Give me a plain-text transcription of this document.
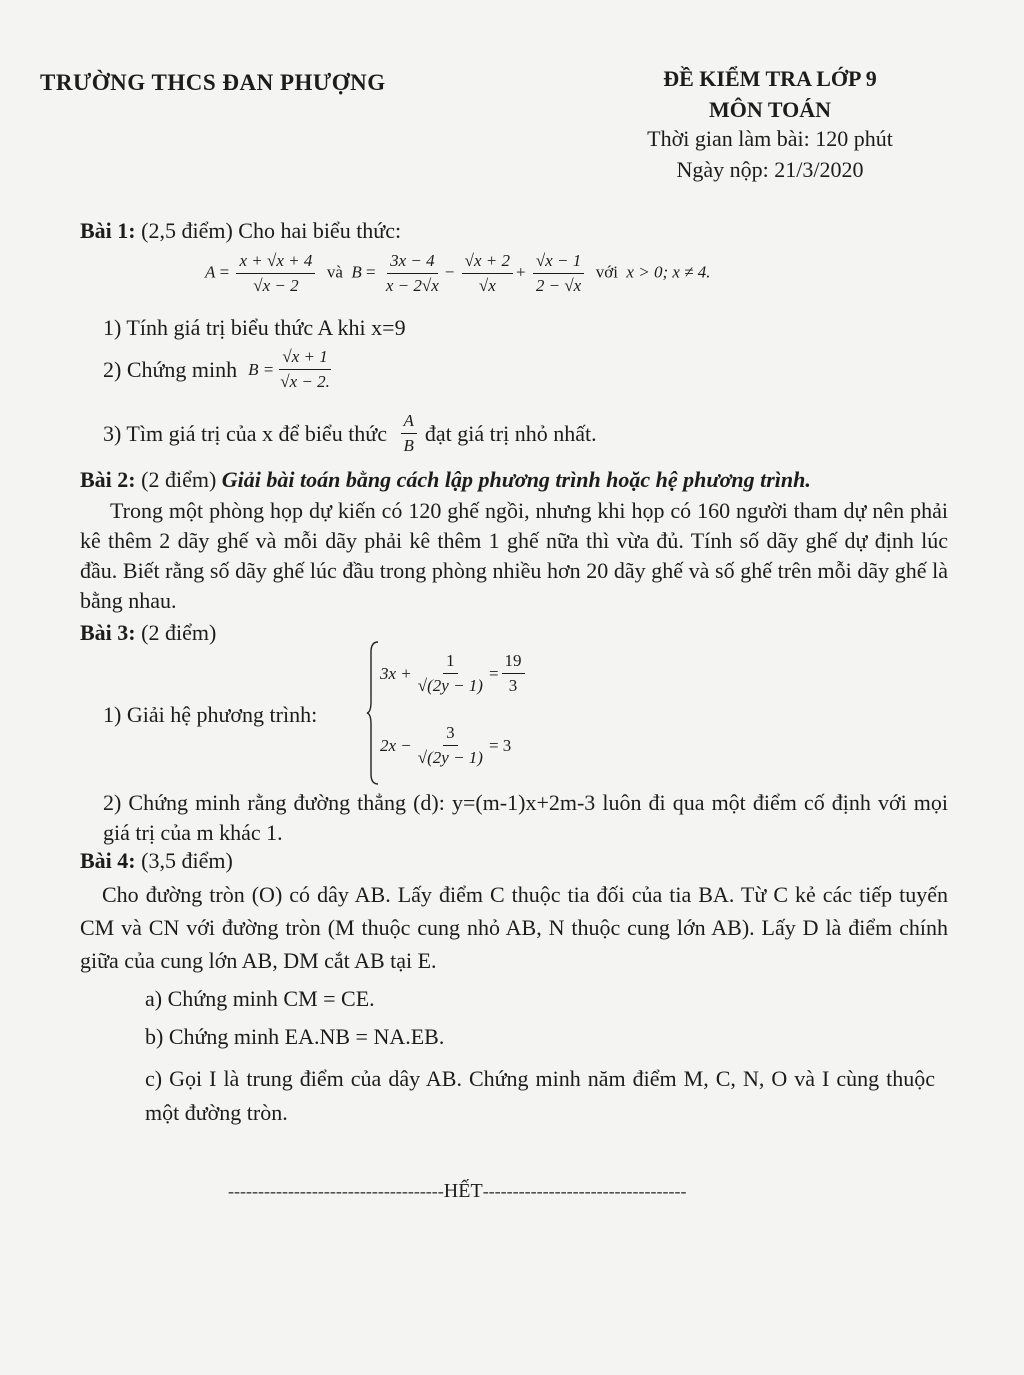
TRƯỜNG THCS ĐAN PHƯỢNG	ĐỀ KIỂM TRA LỚP 9
MÔN TOÁN
Thời gian làm bài: 120 phút
Ngày nộp: 21/3/2020
Bài 1: (2,5 điểm) Cho hai biểu thức:
$A = \frac{x + √x + 4}{√x - 2}$ và $B = \frac{3x - 4}{x - 2√x} - \frac{√x + 2}{√x} + \frac{√x - 1}{2 - √x}$ với x > 0; x ≠ 4.
1) Tính giá trị biểu thức A khi x=9
2) Chứng minh
$B = \frac{√x + 1}{√x - 2.}$
3) Tìm giá trị của x để biểu thức
$\frac{A}{B}$ đạt giá trị nhỏ nhất.
Bài 2: (2 điểm) Giải bài toán bằng cách lập phương trình hoặc hệ phương trình.
Trong một phòng họp dự kiến có 120 ghế ngồi, nhưng khi họp có 160 người tham dự nên phải kê thêm 2 dãy ghế và mỗi dãy phải kê thêm 1 ghế nữa thì vừa đủ. Tính số dãy ghế dự định lúc đầu. Biết rằng số dãy ghế lúc đầu trong phòng nhiều hơn 20 dãy ghế và số ghế trên mỗi dãy ghế là bằng nhau.
Bài 3: (2 điểm)
1) Giải hệ phương trình:
$3x + \frac{1}{√(2y - 1)} = \frac{19}{3}$
$2x - \frac{3}{√(2y - 1)} = 3$
2) Chứng minh rằng đường thẳng (d): y=(m-1)x+2m-3 luôn đi qua một điểm cố định với mọi giá trị của m khác 1.
Bài 4: (3,5 điểm)
Cho đường tròn (O) có dây AB. Lấy điểm C thuộc tia đối của tia BA. Từ C kẻ các tiếp tuyến CM và CN với đường tròn (M thuộc cung nhỏ AB, N thuộc cung lớn AB). Lấy D là điểm chính giữa của cung lớn AB, DM cắt AB tại E.
a) Chứng minh CM = CE.
b) Chứng minh EA.NB = NA.EB.
c) Gọi I là trung điểm của dây AB. Chứng minh năm điểm M, C, N, O và I cùng thuộc một đường tròn.
------------------------------------HẾT----------------------------------
